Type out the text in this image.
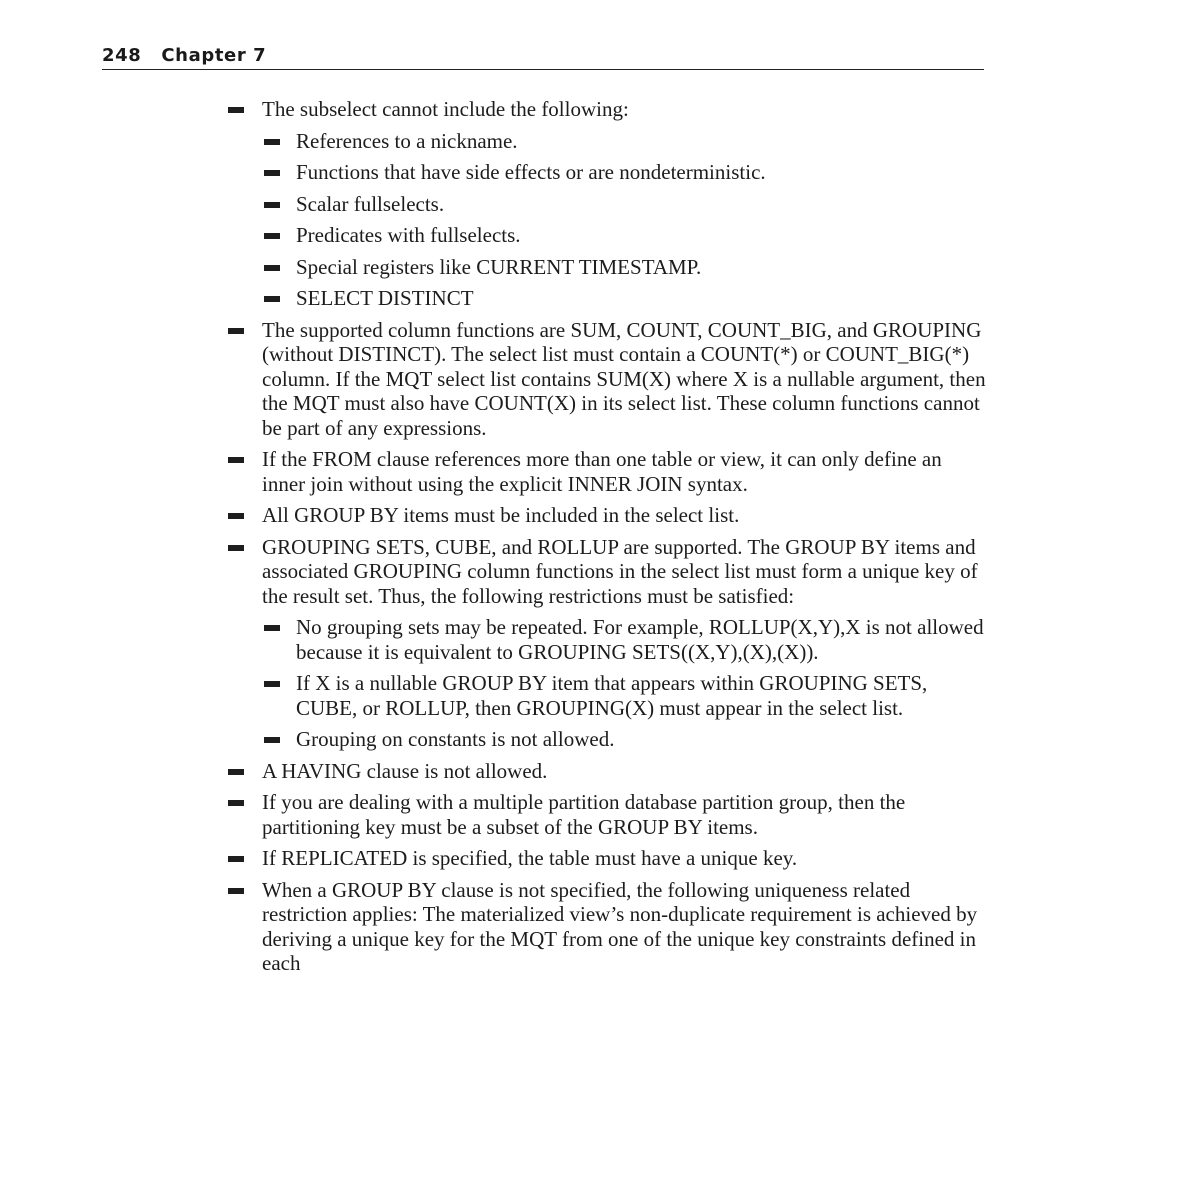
248 Chapter 7
The subselect cannot include the following:
References to a nickname.
Functions that have side effects or are nondeterministic.
Scalar fullselects.
Predicates with fullselects.
Special registers like CURRENT TIMESTAMP.
SELECT DISTINCT
The supported column functions are SUM, COUNT, COUNT_BIG, and GROUPING (without DISTINCT). The select list must contain a COUNT(*) or COUNT_BIG(*) column. If the MQT select list contains SUM(X) where X is a nullable argument, then the MQT must also have COUNT(X) in its select list. These column functions cannot be part of any expressions.
If the FROM clause references more than one table or view, it can only define an inner join without using the explicit INNER JOIN syntax.
All GROUP BY items must be included in the select list.
GROUPING SETS, CUBE, and ROLLUP are supported. The GROUP BY items and associated GROUPING column functions in the select list must form a unique key of the result set. Thus, the following restrictions must be satisfied:
No grouping sets may be repeated. For example, ROLLUP(X,Y),X is not allowed because it is equivalent to GROUPING SETS((X,Y),(X),(X)).
If X is a nullable GROUP BY item that appears within GROUPING SETS, CUBE, or ROLLUP, then GROUPING(X) must appear in the select list.
Grouping on constants is not allowed.
A HAVING clause is not allowed.
If you are dealing with a multiple partition database partition group, then the partitioning key must be a subset of the GROUP BY items.
If REPLICATED is specified, the table must have a unique key.
When a GROUP BY clause is not specified, the following uniqueness related restriction applies: The materialized view’s non-duplicate requirement is achieved by deriving a unique key for the MQT from one of the unique key constraints defined in each
